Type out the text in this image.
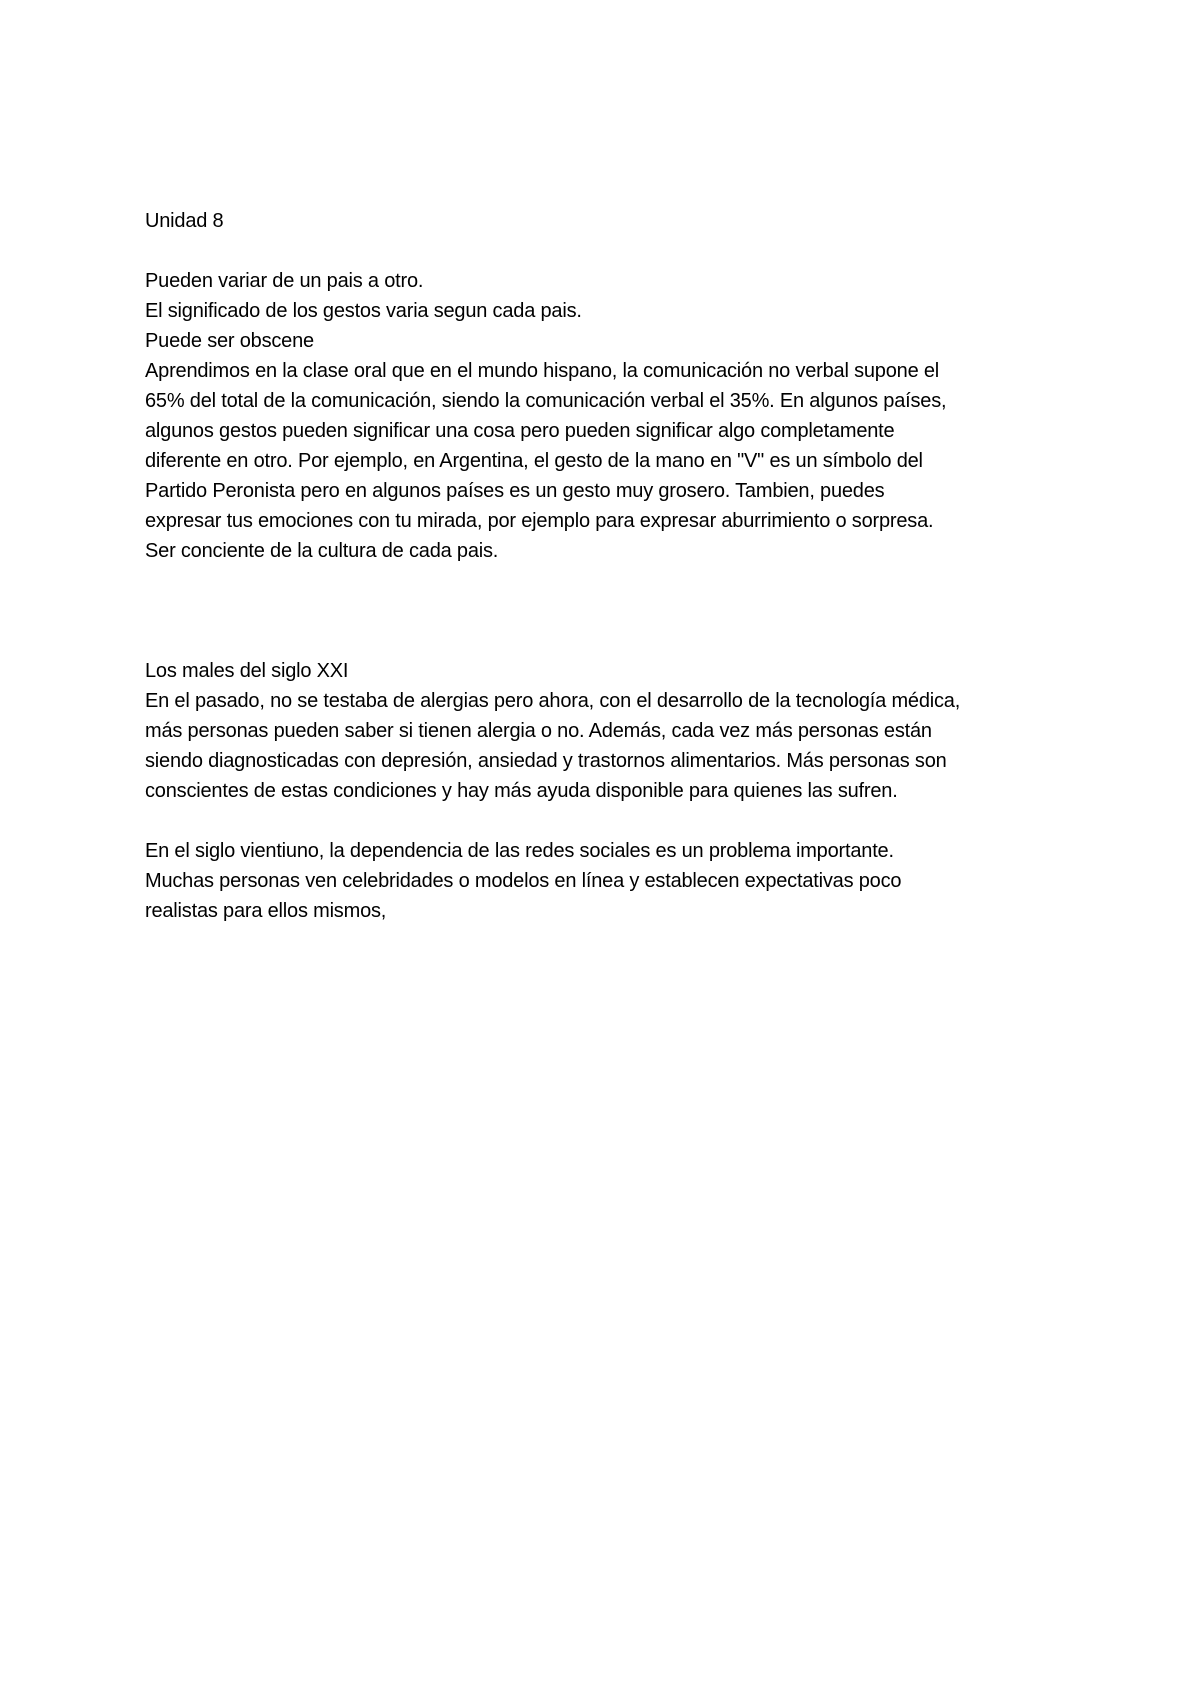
Unidad 8
Pueden variar de un pais a otro.
El significado de los gestos varia segun cada pais.
Puede ser obscene
Aprendimos en la clase oral que en el mundo hispano, la comunicación no verbal supone el
65% del total de la comunicación, siendo la comunicación verbal el 35%. En algunos países,
algunos gestos pueden significar una cosa pero pueden significar algo completamente
diferente en otro. Por ejemplo, en Argentina, el gesto de la mano en "V" es un símbolo del
Partido Peronista pero en algunos países es un gesto muy grosero. Tambien, puedes
expresar tus emociones con tu mirada, por ejemplo para expresar aburrimiento o sorpresa.
Ser conciente de la cultura de cada pais.
Los males del siglo XXI
En el pasado, no se testaba de alergias pero ahora, con el desarrollo de la tecnología médica,
más personas pueden saber si tienen alergia o no. Además, cada vez más personas están
siendo diagnosticadas con depresión, ansiedad y trastornos alimentarios. Más personas son
conscientes de estas condiciones y hay más ayuda disponible para quienes las sufren.
En el siglo vientiuno, la dependencia de las redes sociales es un problema importante.
Muchas personas ven celebridades o modelos en línea y establecen expectativas poco
realistas para ellos mismos,
